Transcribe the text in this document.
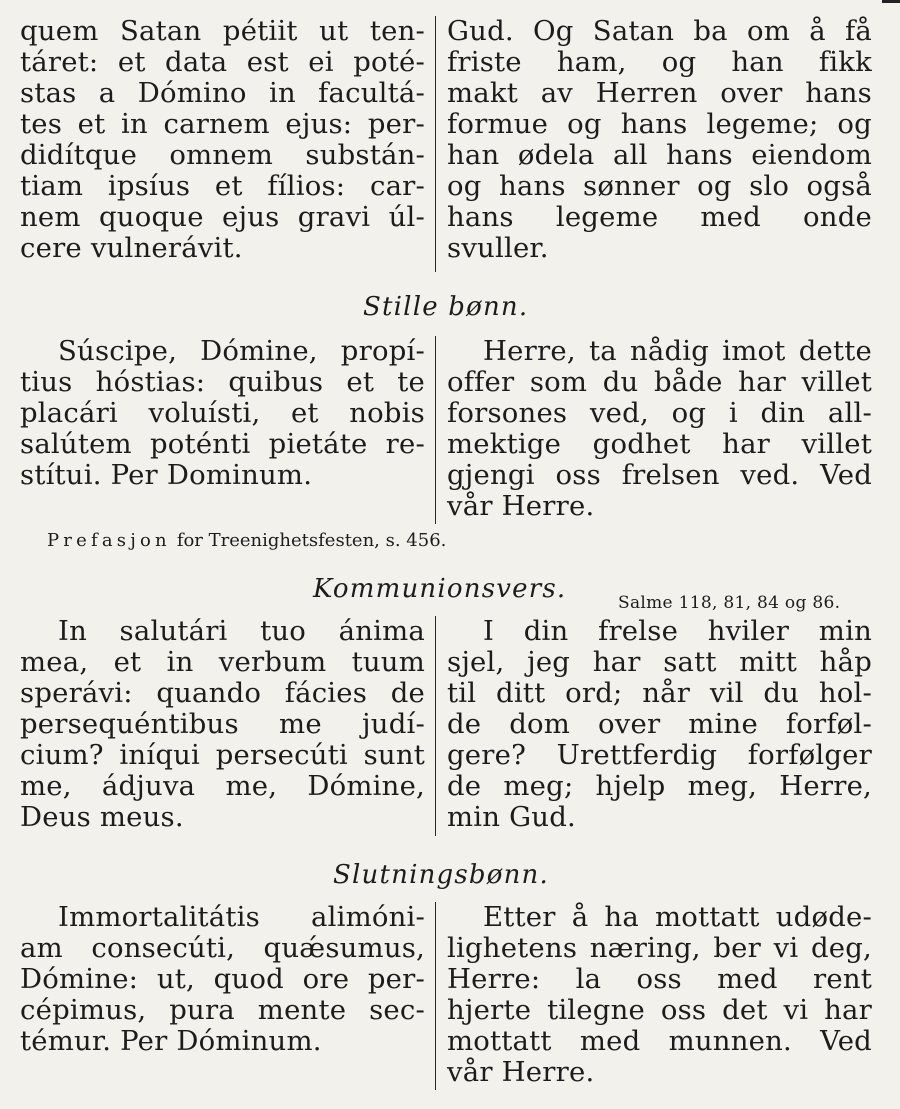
quem Satan pétiit ut ten-
táret: et data est ei poté-
stas a Dómino in facultá-
tes et in carnem ejus: per-
didítque omnem substán-
tiam ipsíus et fílios: car-
nem quoque ejus gravi úl-
cere vulnerávit.
Gud. Og Satan ba om å få
friste ham, og han fikk
makt av Herren over hans
formue og hans legeme; og
han ødela all hans eiendom
og hans sønner og slo også
hans legeme med onde
svuller.
Stille bønn.
Súscipe, Dómine, propí-
tius hóstias: quibus et te
placári voluísti, et nobis
salútem poténti pietáte re-
stítui. Per Dominum.
Herre, ta nådig imot dette
offer som du både har villet
forsones ved, og i din all-
mektige godhet har villet
gjengi oss frelsen ved. Ved
vår Herre.
Prefasjon for Treenighetsfesten, s. 456.
Kommunionsvers.	Salme 118, 81, 84 og 86.
In salutári tuo ánima
mea, et in verbum tuum
sperávi: quando fácies de
persequéntibus me judí-
cium? iníqui persecúti sunt
me, ádjuva me, Dómine,
Deus meus.
I din frelse hviler min
sjel, jeg har satt mitt håp
til ditt ord; når vil du hol-
de dom over mine forføl-
gere? Urettferdig forfølger
de meg; hjelp meg, Herre,
min Gud.
Slutningsbønn.
Immortalitátis alimóni-
am consecúti, quǽsumus,
Dómine: ut, quod ore per-
cépimus, pura mente sec-
témur. Per Dóminum.
Etter å ha mottatt udøde-
lighetens næring, ber vi deg,
Herre: la oss med rent
hjerte tilegne oss det vi har
mottatt med munnen. Ved
vår Herre.
